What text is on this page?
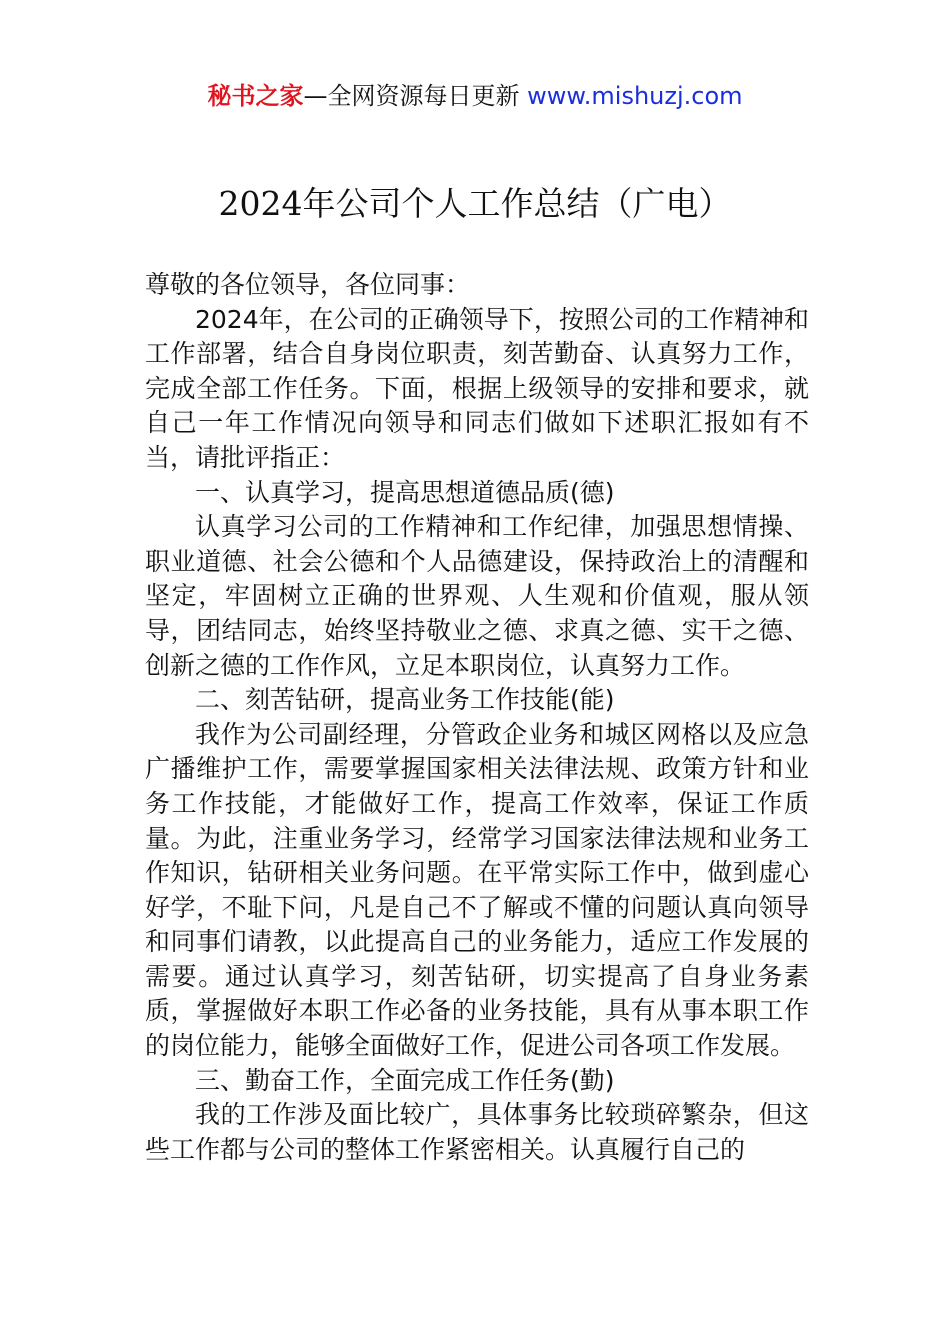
秘书之家—全网资源每日更新 www.mishuzj.com
2024年公司个人工作总结（广电）

尊敬的各位领导，各位同事：

2024年，在公司的正确领导下，按照公司的工作精神和工作部署，结合自身岗位职责，刻苦勤奋、认真努力工作，完成全部工作任务。下面，根据上级领导的安排和要求，就自己一年工作情况向领导和同志们做如下述职汇报如有不当，请批评指正：

一、认真学习，提高思想道德品质(德)

认真学习公司的工作精神和工作纪律，加强思想情操、职业道德、社会公德和个人品德建设，保持政治上的清醒和坚定，牢固树立正确的世界观、人生观和价值观，服从领导，团结同志，始终坚持敬业之德、求真之德、实干之德、创新之德的工作作风，立足本职岗位，认真努力工作。

二、刻苦钻研，提高业务工作技能(能)

我作为公司副经理，分管政企业务和城区网格以及应急广播维护工作，需要掌握国家相关法律法规、政策方针和业务工作技能，才能做好工作，提高工作效率，保证工作质量。为此，注重业务学习，经常学习国家法律法规和业务工作知识，钻研相关业务问题。在平常实际工作中，做到虚心好学，不耻下问，凡是自己不了解或不懂的问题认真向领导和同事们请教，以此提高自己的业务能力，适应工作发展的需要。通过认真学习，刻苦钻研，切实提高了自身业务素质，掌握做好本职工作必备的业务技能，具有从事本职工作的岗位能力，能够全面做好工作，促进公司各项工作发展。

三、勤奋工作，全面完成工作任务(勤)

我的工作涉及面比较广，具体事务比较琐碎繁杂，但这些工作都与公司的整体工作紧密相关。认真履行自己的
